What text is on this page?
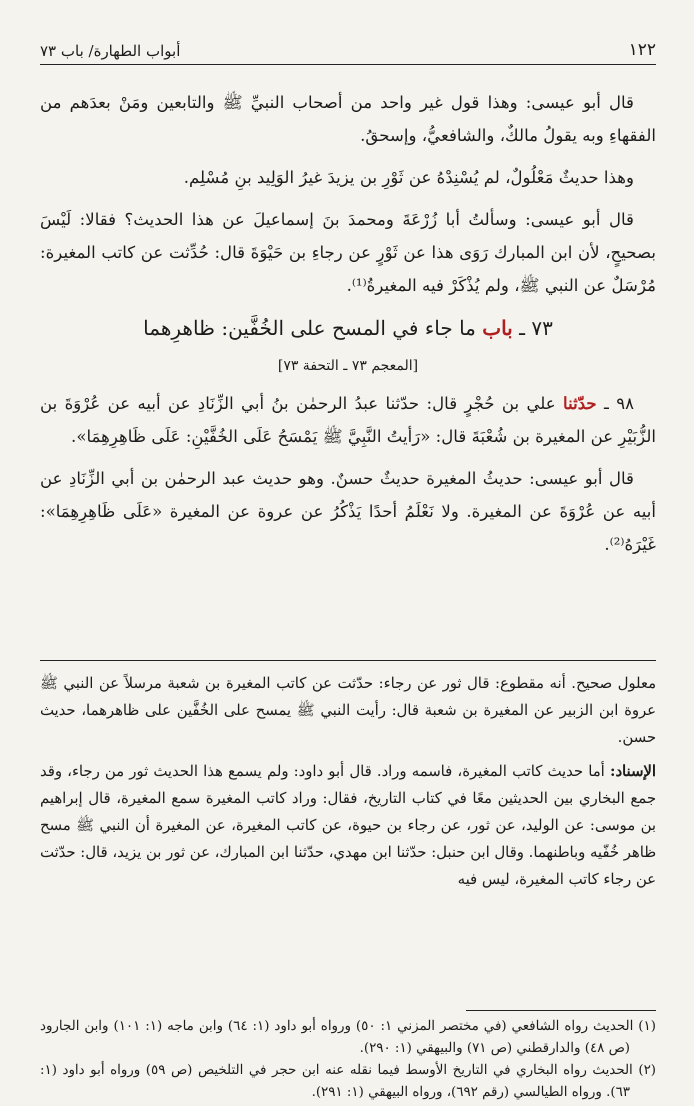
١٢٢
أبواب الطهارة/ باب ٧٣

قال أبو عيسى: وهذا قول غير واحد من أصحاب النبيِّ ﷺ والتابعين ومَنْ بعدَهم من الفقهاءِ وبه يقولُ مالكٌ، والشافعيُّ، وإسحقُ.

وهذا حديثٌ مَعْلُولٌ، لم يُسْنِدْهُ عن ثَوْرِ بن يزيدَ غيرُ الوَلِيد بنِ مُسْلِم.

قال أبو عيسى: وسألتُ أبا زُرْعَةَ ومحمدَ بنَ إسماعيلَ عن هذا الحديث؟ فقالا: لَيْسَ بصحيحٍ، لأن ابن المبارك رَوَى هذا عن ثَوْرٍ عن رجاءِ بن حَيْوَةَ قال: حُدِّثت عن كاتب المغيرة: مُرْسَلٌ عن النبي ﷺ، ولم يُذْكَرْ فيه المغيرةُ⁽¹⁾.

٧٣ ـ باب ما جاء في المسح على الخُفَّين: ظاهرِهما

[المعجم ٧٣ ـ التحفة ٧٣]

٩٨ ـ حدّثنا علي بن حُجْرٍ قال: حدّثنا عبدُ الرحمٰن بنُ أبي الزِّنَادِ عن أبيه عن عُرْوَةَ بن الزُّبَيْرِ عن المغيرة بن شُعْبَةَ قال: «رَأيتُ النَّبِيَّ ﷺ يَمْسَحُ عَلَى الخُفَّيْنِ: عَلَى ظَاهِرِهِمَا».

قال أبو عيسى: حديثُ المغيرة حديثٌ حسنٌ. وهو حديث عبد الرحمٰن بن أبي الزِّنَادِ عن أبيه عن عُرْوَةَ عن المغيرة. ولا نَعْلَمُ أحدًا يَذْكُرُ عن عروة عن المغيرة «عَلَى ظَاهِرِهِمَا»: غَيْرَهُ⁽²⁾.

معلول صحيح. أنه مقطوع: قال ثور عن رجاء: حدّثت عن كاتب المغيرة بن شعبة مرسلاً عن النبي ﷺ عروة ابن الزبير عن المغيرة بن شعبة قال: رأيت النبي ﷺ يمسح على الخُفَّين على ظاهرهما، حديث حسن.

الإسناد: أما حديث كاتب المغيرة، فاسمه وراد. قال أبو داود: ولم يسمع هذا الحديث ثور من رجاء، وقد جمع البخاري بين الحديثين معًا في كتاب التاريخ، فقال: وراد كاتب المغيرة سمع المغيرة، قال إبراهيم بن موسى: عن الوليد، عن ثور، عن رجاء بن حيوة، عن كاتب المغيرة، عن المغيرة أن النبي ﷺ مسح ظاهر خُفّيه وباطنهما. وقال ابن حنبل: حدّثنا ابن مهدي، حدّثنا ابن المبارك، عن ثور بن يزيد، قال: حدّثت عن رجاء كاتب المغيرة، ليس فيه

(١) الحديث رواه الشافعي (في مختصر المزني ١: ٥٠) ورواه أبو داود (١: ٦٤) وابن ماجه (١: ١٠١) وابن الجارود (ص ٤٨) والدارقطني (ص ٧١) والبيهقي (١: ٢٩٠).

(٢) الحديث رواه البخاري في التاريخ الأوسط فيما نقله عنه ابن حجر في التلخيص (ص ٥٩) ورواه أبو داود (١: ٦٣). ورواه الطيالسي (رقم ٦٩٢)، ورواه البيهقي (١: ٢٩١).
